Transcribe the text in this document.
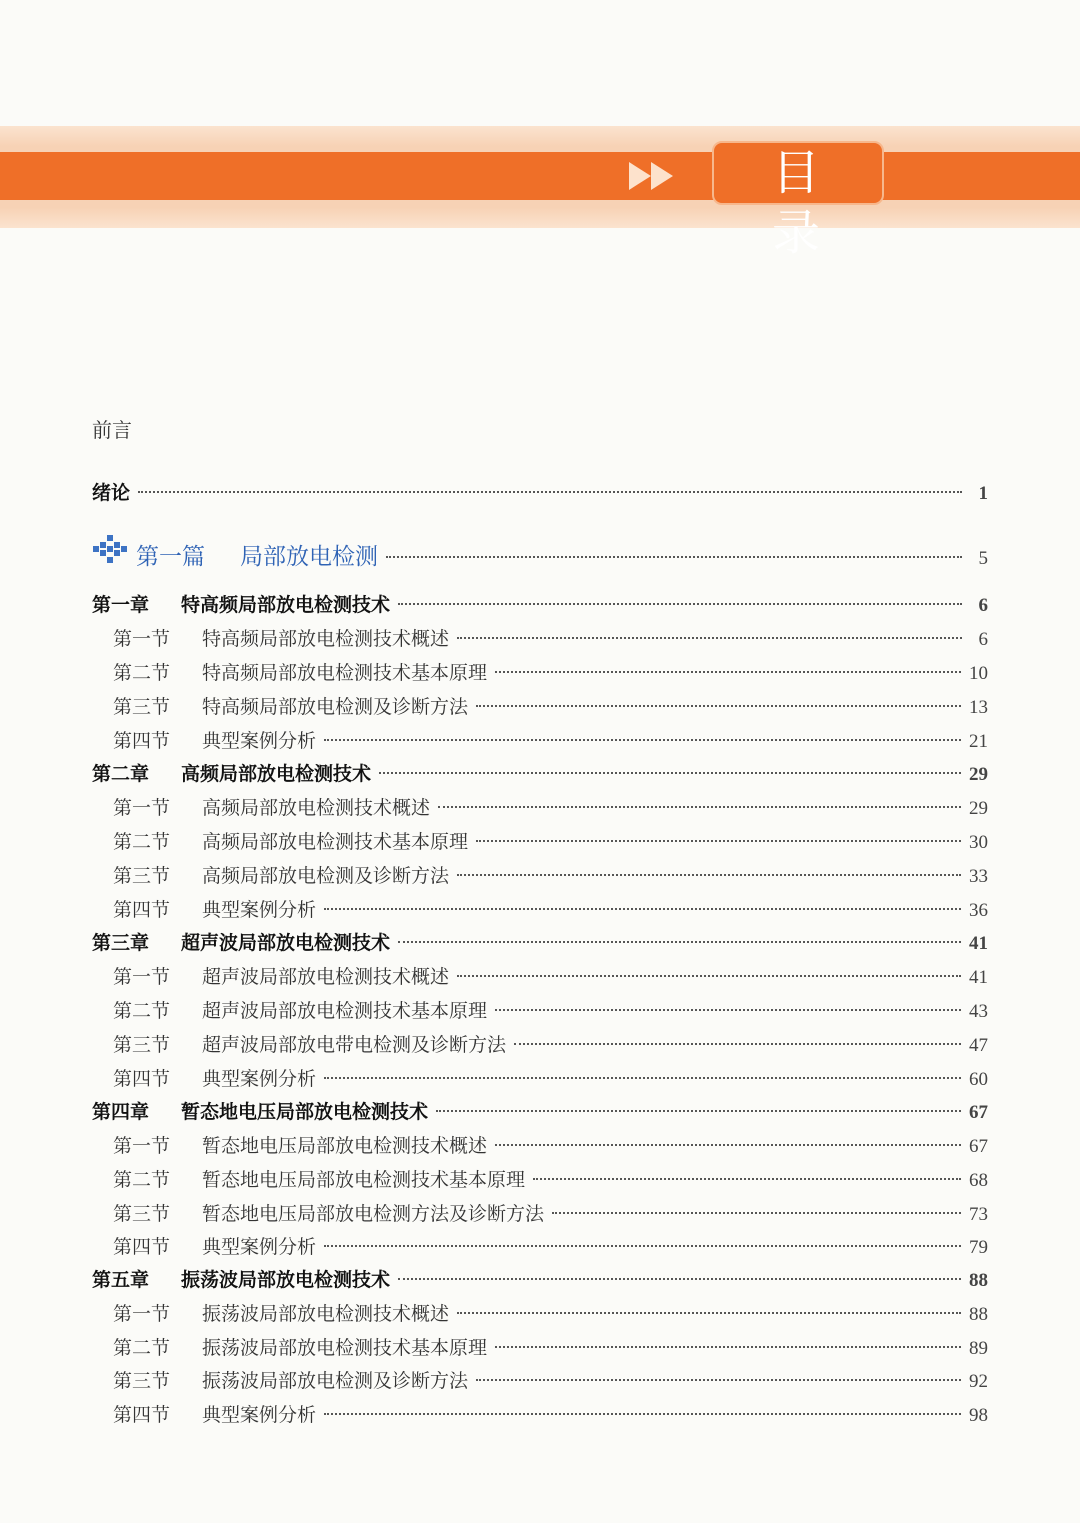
目 录
前言
绪论	1
第一篇 局部放电检测	5
第一章 特高频局部放电检测技术	6
第一节 特高频局部放电检测技术概述	6
第二节 特高频局部放电检测技术基本原理	10
第三节 特高频局部放电检测及诊断方法	13
第四节 典型案例分析	21
第二章 高频局部放电检测技术	29
第一节 高频局部放电检测技术概述	29
第二节 高频局部放电检测技术基本原理	30
第三节 高频局部放电检测及诊断方法	33
第四节 典型案例分析	36
第三章 超声波局部放电检测技术	41
第一节 超声波局部放电检测技术概述	41
第二节 超声波局部放电检测技术基本原理	43
第三节 超声波局部放电带电检测及诊断方法	47
第四节 典型案例分析	60
第四章 暂态地电压局部放电检测技术	67
第一节 暂态地电压局部放电检测技术概述	67
第二节 暂态地电压局部放电检测技术基本原理	68
第三节 暂态地电压局部放电检测方法及诊断方法	73
第四节 典型案例分析	79
第五章 振荡波局部放电检测技术	88
第一节 振荡波局部放电检测技术概述	88
第二节 振荡波局部放电检测技术基本原理	89
第三节 振荡波局部放电检测及诊断方法	92
第四节 典型案例分析	98
